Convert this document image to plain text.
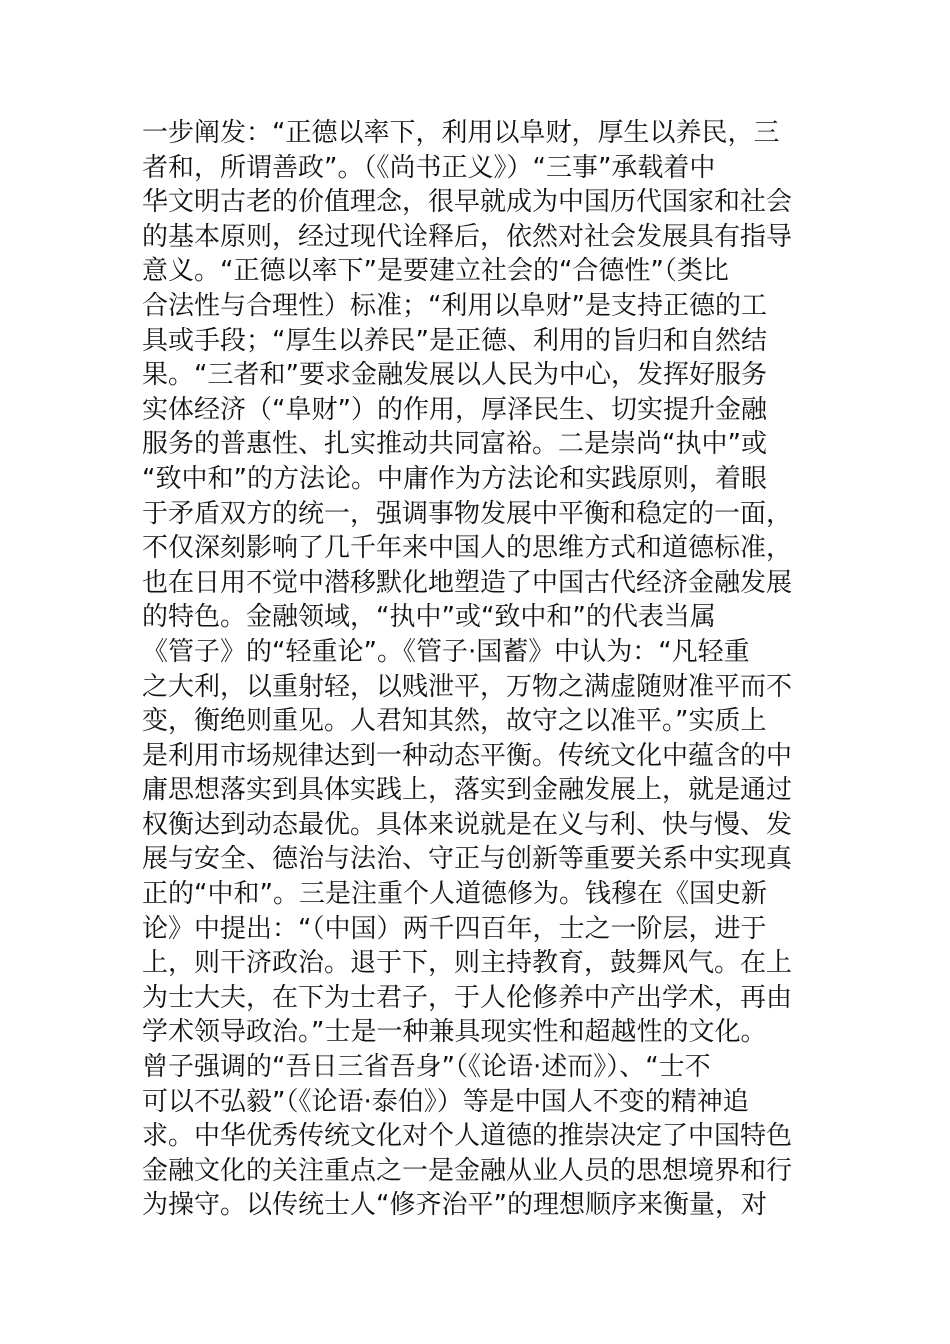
一步阐发：“正德以率下，利用以阜财，厚生以养民，三
者和，所谓善政”。（《尚书正义》）“三事”承载着中
华文明古老的价值理念，很早就成为中国历代国家和社会
的基本原则，经过现代诠释后，依然对社会发展具有指导
意义。“正德以率下”是要建立社会的“合德性”（类比
合法性与合理性）标准；“利用以阜财”是支持正德的工
具或手段；“厚生以养民”是正德、利用的旨归和自然结
果。“三者和”要求金融发展以人民为中心，发挥好服务
实体经济（“阜财”）的作用，厚泽民生、切实提升金融
服务的普惠性、扎实推动共同富裕。二是崇尚“执中”或
“致中和”的方法论。中庸作为方法论和实践原则，着眼
于矛盾双方的统一，强调事物发展中平衡和稳定的一面，
不仅深刻影响了几千年来中国人的思维方式和道德标准，
也在日用不觉中潜移默化地塑造了中国古代经济金融发展
的特色。金融领域，“执中”或“致中和”的代表当属
《管子》的“轻重论”。《管子·国蓄》中认为：“凡轻重
之大利，以重射轻，以贱泄平，万物之满虚随财准平而不
变，衡绝则重见。人君知其然，故守之以准平。”实质上
是利用市场规律达到一种动态平衡。传统文化中蕴含的中
庸思想落实到具体实践上，落实到金融发展上，就是通过
权衡达到动态最优。具体来说就是在义与利、快与慢、发
展与安全、德治与法治、守正与创新等重要关系中实现真
正的“中和”。三是注重个人道德修为。钱穆在《国史新
论》中提出：“（中国）两千四百年，士之一阶层，进于
上，则干济政治。退于下，则主持教育，鼓舞风气。在上
为士大夫，在下为士君子，于人伦修养中产出学术，再由
学术领导政治。”士是一种兼具现实性和超越性的文化。
曾子强调的“吾日三省吾身”（《论语·述而》）、“士不
可以不弘毅”（《论语·泰伯》）等是中国人不变的精神追
求。中华优秀传统文化对个人道德的推崇决定了中国特色
金融文化的关注重点之一是金融从业人员的思想境界和行
为操守。以传统士人“修齐治平”的理想顺序来衡量，对
